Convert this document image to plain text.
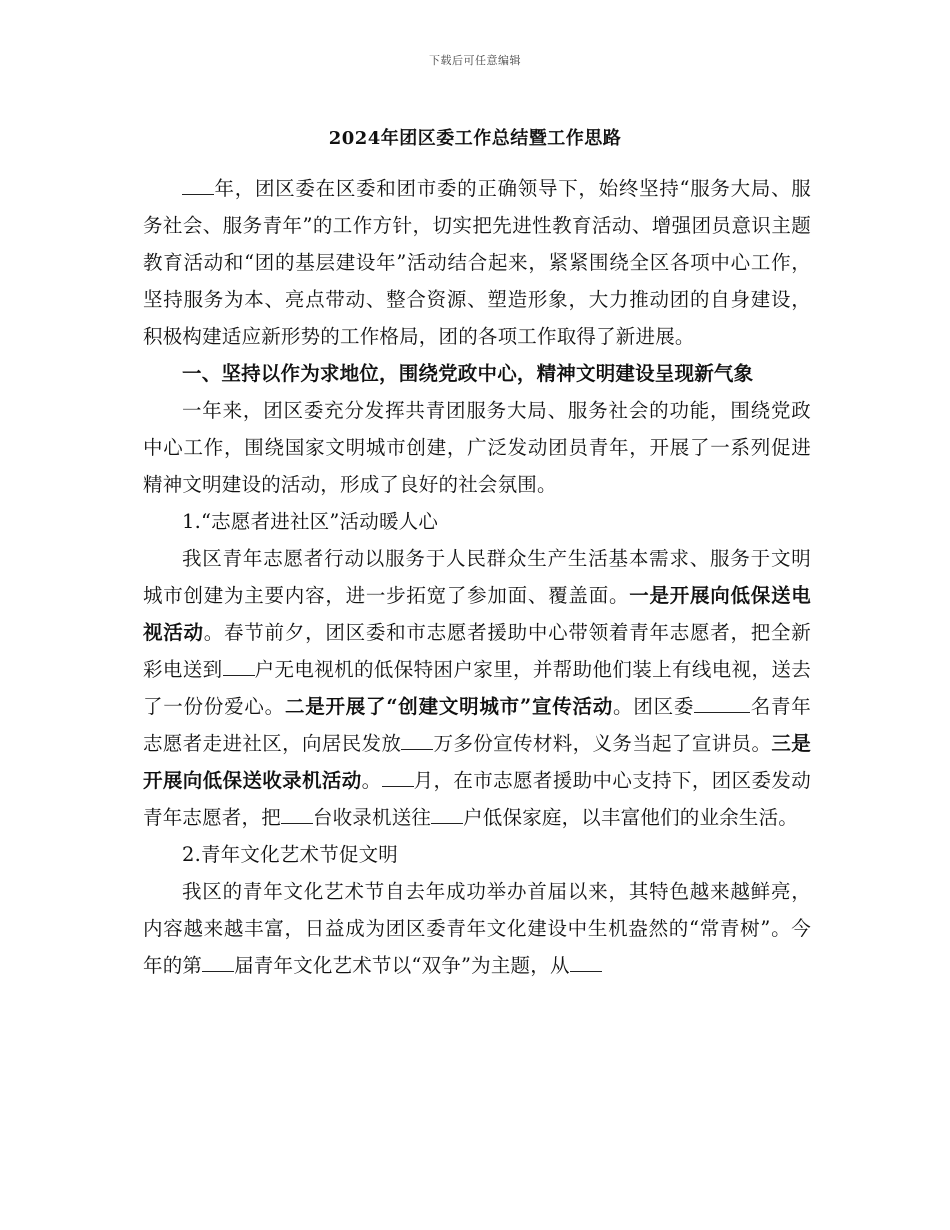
下载后可任意编辑
2024年团区委工作总结暨工作思路

年，团区委在区委和团市委的正确领导下，始终坚持“服务大局、服务社会、服务青年”的工作方针，切实把先进性教育活动、增强团员意识主题教育活动和“团的基层建设年”活动结合起来，紧紧围绕全区各项中心工作，坚持服务为本、亮点带动、整合资源、塑造形象，大力推动团的自身建设，积极构建适应新形势的工作格局，团的各项工作取得了新进展。

一、坚持以作为求地位，围绕党政中心，精神文明建设呈现新气象

一年来，团区委充分发挥共青团服务大局、服务社会的功能，围绕党政中心工作，围绕国家文明城市创建，广泛发动团员青年，开展了一系列促进精神文明建设的活动，形成了良好的社会氛围。

1.“志愿者进社区”活动暖人心

我区青年志愿者行动以服务于人民群众生产生活基本需求、服务于文明城市创建为主要内容，进一步拓宽了参加面、覆盖面。一是开展向低保送电视活动。春节前夕，团区委和市志愿者援助中心带领着青年志愿者，把全新彩电送到 户无电视机的低保特困户家里，并帮助他们装上有线电视，送去了一份份爱心。二是开展了“创建文明城市”宣传活动。团区委	名青年志愿者走进社区，向居民发放 万多份宣传材料，义务当起了宣讲员。三是开展向低保送收录机活动。 月，在市志愿者援助中心支持下，团区委发动青年志愿者，把 台收录机送往 户低保家庭，以丰富他们的业余生活。

2.青年文化艺术节促文明

我区的青年文化艺术节自去年成功举办首届以来，其特色越来越鲜亮，内容越来越丰富，日益成为团区委青年文化建设中生机盎然的“常青树”。今年的第 届青年文化艺术节以“双争”为主题，从
